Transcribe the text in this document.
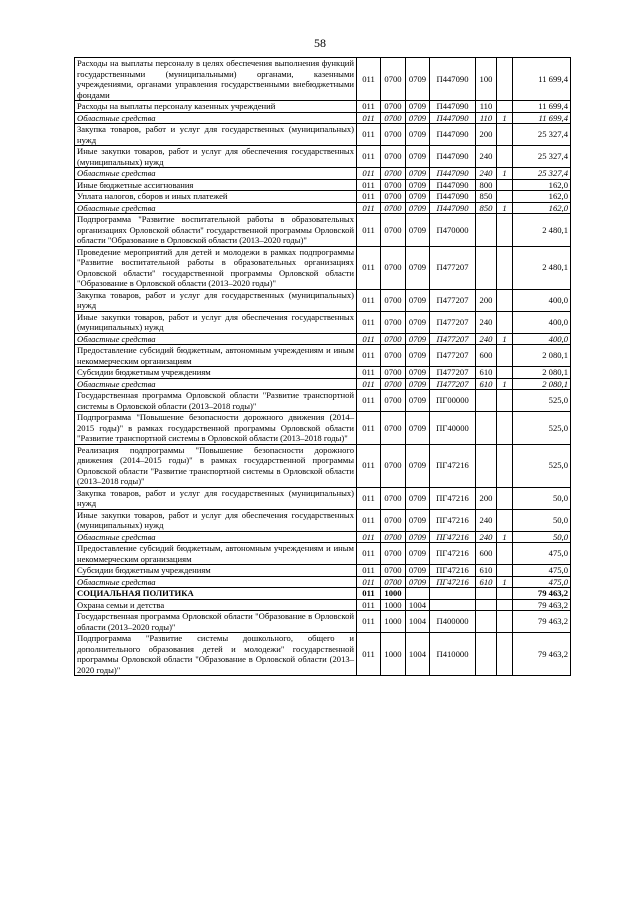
58
Расходы на выплаты персоналу в целях обеспечения выполнения функций государственными (муниципальными) органами, казенными учреждениями, органами управления государственными внебюджетными фондами	011	0700	0709	П447090	100		11 699,4
Расходы на выплаты персоналу казенных учреждений	011	0700	0709	П447090	110		11 699,4
Областные средства	011	0700	0709	П447090	110	1	11 699,4
Закупка товаров, работ и услуг для государственных (муниципальных) нужд	011	0700	0709	П447090	200		25 327,4
Иные закупки товаров, работ и услуг для обеспечения государственных (муниципальных) нужд	011	0700	0709	П447090	240		25 327,4
Областные средства	011	0700	0709	П447090	240	1	25 327,4
Иные бюджетные ассигнования	011	0700	0709	П447090	800		162,0
Уплата налогов, сборов и иных платежей	011	0700	0709	П447090	850		162,0
Областные средства	011	0700	0709	П447090	850	1	162,0
Подпрограмма "Развитие воспитательной работы в образовательных организациях Орловской области" государственной программы Орловской области "Образование в Орловской области (2013–2020 годы)"	011	0700	0709	П470000			2 480,1
Проведение мероприятий для детей и молодежи в рамках подпрограммы "Развитие воспитательной работы в образовательных организациях Орловской области" государственной программы Орловской области "Образование в Орловской области (2013–2020 годы)"	011	0700	0709	П477207			2 480,1
Закупка товаров, работ и услуг для государственных (муниципальных) нужд	011	0700	0709	П477207	200		400,0
Иные закупки товаров, работ и услуг для обеспечения государственных (муниципальных) нужд	011	0700	0709	П477207	240		400,0
Областные средства	011	0700	0709	П477207	240	1	400,0
Предоставление субсидий бюджетным, автономным учреждениям и иным некоммерческим организациям	011	0700	0709	П477207	600		2 080,1
Субсидии бюджетным учреждениям	011	0700	0709	П477207	610		2 080,1
Областные средства	011	0700	0709	П477207	610	1	2 080,1
Государственная программа Орловской области "Развитие транспортной системы в Орловской области (2013–2018 годы)"	011	0700	0709	ПГ00000			525,0
Подпрограмма "Повышение безопасности дорожного движения (2014–2015 годы)" в рамках государственной программы Орловской области "Развитие транспортной системы в Орловской области (2013–2018 годы)"	011	0700	0709	ПГ40000			525,0
Реализация подпрограммы "Повышение безопасности дорожного движения (2014–2015 годы)" в рамках государственной программы Орловской области "Развитие транспортной системы в Орловской области (2013–2018 годы)"	011	0700	0709	ПГ47216			525,0
Закупка товаров, работ и услуг для государственных (муниципальных) нужд	011	0700	0709	ПГ47216	200		50,0
Иные закупки товаров, работ и услуг для обеспечения государственных (муниципальных) нужд	011	0700	0709	ПГ47216	240		50,0
Областные средства	011	0700	0709	ПГ47216	240	1	50,0
Предоставление субсидий бюджетным, автономным учреждениям и иным некоммерческим организациям	011	0700	0709	ПГ47216	600		475,0
Субсидии бюджетным учреждениям	011	0700	0709	ПГ47216	610		475,0
Областные средства	011	0700	0709	ПГ47216	610	1	475,0
СОЦИАЛЬНАЯ ПОЛИТИКА	011	1000					79 463,2
Охрана семьи и детства	011	1000	1004				79 463,2
Государственная программа Орловской области "Образование в Орловской области (2013–2020 годы)"	011	1000	1004	П400000			79 463,2
Подпрограмма "Развитие системы дошкольного, общего и дополнительного образования детей и молодежи" государственной программы Орловской области "Образование в Орловской области (2013–2020 годы)"	011	1000	1004	П410000			79 463,2
